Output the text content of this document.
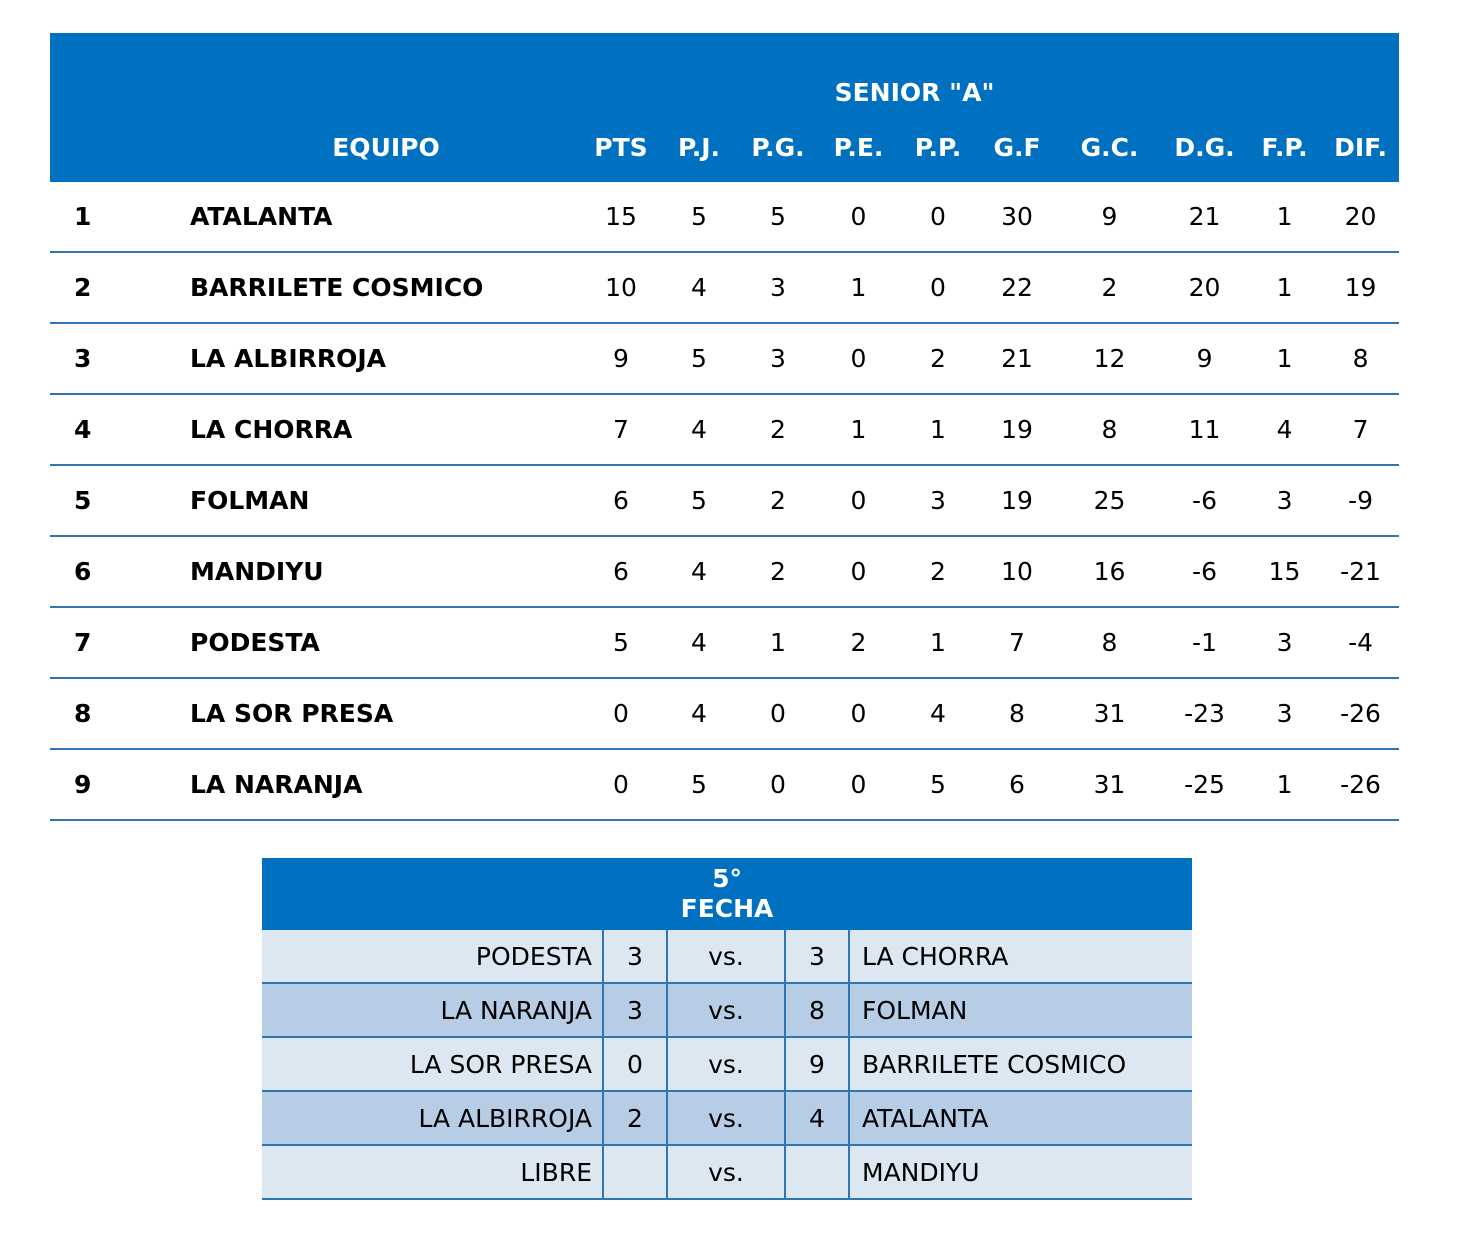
		SENIOR "A"									
	EQUIPO	PTS	P.J.	P.G.	P.E.	P.P.	G.F	G.C.	D.G.	F.P.	DIF.
1	ATALANTA	15	5	5	0	0	30	9	21	1	20
2	BARRILETE COSMICO	10	4	3	1	0	22	2	20	1	19
3	LA ALBIRROJA	9	5	3	0	2	21	12	9	1	8
4	LA CHORRA	7	4	2	1	1	19	8	11	4	7
5	FOLMAN	6	5	2	0	3	19	25	-6	3	-9
6	MANDIYU	6	4	2	0	2	10	16	-6	15	-21
7	PODESTA	5	4	1	2	1	7	8	-1	3	-4
8	LA SOR PRESA	0	4	0	0	4	8	31	-23	3	-26
9	LA NARANJA	0	5	0	0	5	6	31	-25	1	-26
5°
FECHA				

PODESTA	3	vs.	3	LA CHORRA
LA NARANJA	3	vs.	8	FOLMAN
LA SOR PRESA	0	vs.	9	BARRILETE COSMICO
LA ALBIRROJA	2	vs.	4	ATALANTA
LIBRE		vs.		MANDIYU
